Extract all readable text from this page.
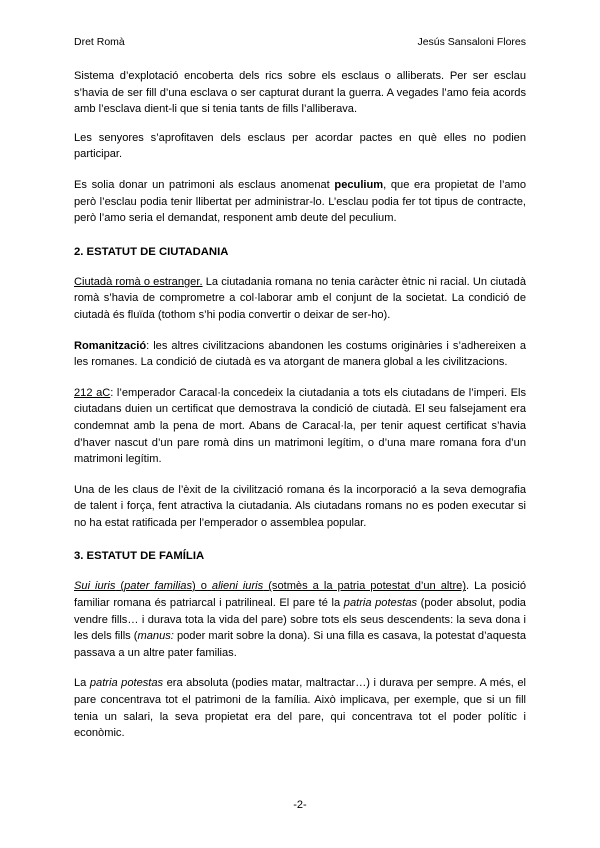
Dret Romà	Jesús Sansaloni Flores

Sistema d’explotació encoberta dels rics sobre els esclaus o alliberats. Per ser esclau s’havia de ser fill d’una esclava o ser capturat durant la guerra. A vegades l’amo feia acords amb l’esclava dient-li que si tenia tants de fills l’alliberava.

Les senyores s’aprofitaven dels esclaus per acordar pactes en què elles no podien participar.

Es solia donar un patrimoni als esclaus anomenat peculium, que era propietat de l’amo però l’esclau podia tenir llibertat per administrar-lo. L’esclau podia fer tot tipus de contracte, però l’amo seria el demandat, responent amb deute del peculium.

2. ESTATUT DE CIUTADANIA

Ciutadà romà o estranger. La ciutadania romana no tenia caràcter ètnic ni racial. Un ciutadà romà s’havia de comprometre a col·laborar amb el conjunt de la societat. La condició de ciutadà és fluïda (tothom s’hi podia convertir o deixar de ser-ho).

Romanització: les altres civilitzacions abandonen les costums originàries i s’adhereixen a les romanes. La condició de ciutadà es va atorgant de manera global a les civilitzacions.

212 aC: l’emperador Caracal·la concedeix la ciutadania a tots els ciutadans de l’imperi. Els ciutadans duien un certificat que demostrava la condició de ciutadà. El seu falsejament era condemnat amb la pena de mort. Abans de Caracal·la, per tenir aquest certificat s’havia d’haver nascut d’un pare romà dins un matrimoni legítim, o d’una mare romana fora d’un matrimoni legítim.

Una de les claus de l’èxit de la civilització romana és la incorporació a la seva demografia de talent i força, fent atractiva la ciutadania. Als ciutadans romans no es poden executar si no ha estat ratificada per l’emperador o assemblea popular.

3. ESTATUT DE FAMÍLIA

Sui iuris (pater familias) o alieni iuris (sotmès a la patria potestat d’un altre). La posició familiar romana és patriarcal i patrilineal. El pare té la patria potestas (poder absolut, podia vendre fills… i durava tota la vida del pare) sobre tots els seus descendents: la seva dona i les dels fills (manus: poder marit sobre la dona). Si una filla es casava, la potestat d’aquesta passava a un altre pater familias.

La patria potestas era absoluta (podies matar, maltractar…) i durava per sempre. A més, el pare concentrava tot el patrimoni de la família. Això implicava, per exemple, que si un fill tenia un salari, la seva propietat era del pare, qui concentrava tot el poder polític i econòmic.

-2-
